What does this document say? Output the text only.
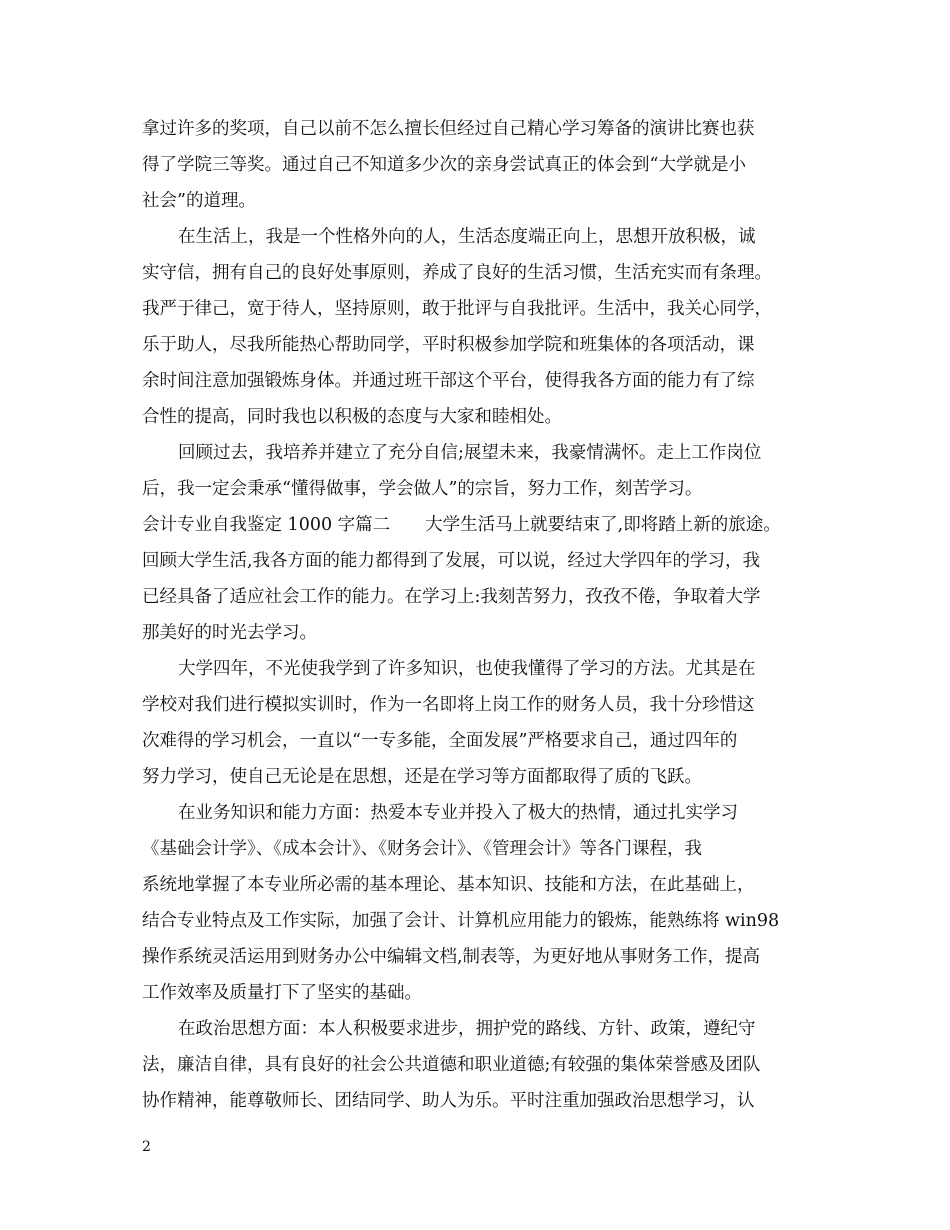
拿过许多的奖项，自己以前不怎么擅长但经过自己精心学习筹备的演讲比赛也获
得了学院三等奖。通过自己不知道多少次的亲身尝试真正的体会到“大学就是小
社会”的道理。
在生活上，我是一个性格外向的人，生活态度端正向上，思想开放积极，诚
实守信，拥有自己的良好处事原则，养成了良好的生活习惯，生活充实而有条理。
我严于律己，宽于待人，坚持原则，敢于批评与自我批评。生活中，我关心同学，
乐于助人，尽我所能热心帮助同学，平时积极参加学院和班集体的各项活动，课
余时间注意加强锻炼身体。并通过班干部这个平台，使得我各方面的能力有了综
合性的提高，同时我也以积极的态度与大家和睦相处。
回顾过去，我培养并建立了充分自信;展望未来，我豪情满怀。走上工作岗位
后，我一定会秉承“懂得做事，学会做人”的宗旨，努力工作，刻苦学习。
会计专业自我鉴定 1000 字篇二　　大学生活马上就要结束了,即将踏上新的旅途。
回顾大学生活,我各方面的能力都得到了发展，可以说，经过大学四年的学习，我
已经具备了适应社会工作的能力。在学习上:我刻苦努力，孜孜不倦，争取着大学
那美好的时光去学习。
大学四年，不光使我学到了许多知识，也使我懂得了学习的方法。尤其是在
学校对我们进行模拟实训时，作为一名即将上岗工作的财务人员，我十分珍惜这
次难得的学习机会，一直以“一专多能，全面发展”严格要求自己，通过四年的
努力学习，使自己无论是在思想，还是在学习等方面都取得了质的飞跃。
在业务知识和能力方面：热爱本专业并投入了极大的热情，通过扎实学习
《基础会计学》、《成本会计》、《财务会计》、《管理会计》等各门课程，我
系统地掌握了本专业所必需的基本理论、基本知识、技能和方法，在此基础上，
结合专业特点及工作实际，加强了会计、计算机应用能力的锻炼，能熟练将 win98
操作系统灵活运用到财务办公中编辑文档,制表等，为更好地从事财务工作，提高
工作效率及质量打下了坚实的基础。
在政治思想方面：本人积极要求进步，拥护党的路线、方针、政策，遵纪守
法，廉洁自律，具有良好的社会公共道德和职业道德;有较强的集体荣誉感及团队
协作精神，能尊敬师长、团结同学、助人为乐。平时注重加强政治思想学习，认
2
